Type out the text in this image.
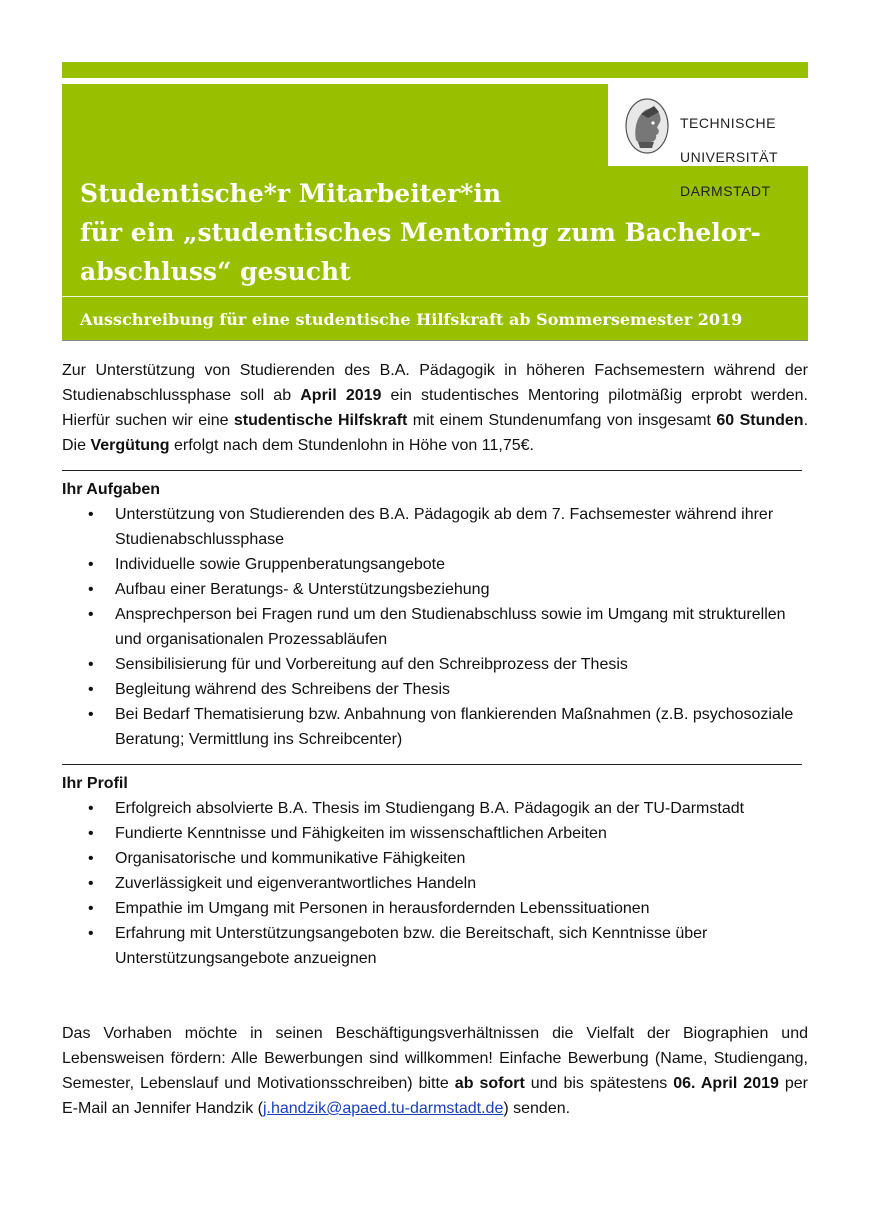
TECHNISCHE

UNIVERSITÄT

DARMSTADT

Studentische*r Mitarbeiter*in
für ein „studentisches Mentoring zum Bachelor-
abschluss“ gesucht
Ausschreibung für eine studentische Hilfskraft ab Sommersemester 2019

Zur Unterstützung von Studierenden des B.A. Pädagogik in höheren Fachsemestern während der Studienabschlussphase soll ab April 2019 ein studentisches Mentoring pilotmäßig erprobt werden. Hierfür suchen wir eine studentische Hilfskraft mit einem Stundenumfang von insgesamt 60 Stunden. Die Vergütung erfolgt nach dem Stundenlohn in Höhe von 11,75€.

Ihr Aufgaben

• Unterstützung von Studierenden des B.A. Pädagogik ab dem 7. Fachsemester während ihrer Studienabschlussphase
• Individuelle sowie Gruppenberatungsangebote
• Aufbau einer Beratungs- & Unterstützungsbeziehung
• Ansprechperson bei Fragen rund um den Studienabschluss sowie im Umgang mit strukturellen und organisationalen Prozessabläufen
• Sensibilisierung für und Vorbereitung auf den Schreibprozess der Thesis
• Begleitung während des Schreibens der Thesis
• Bei Bedarf Thematisierung bzw. Anbahnung von flankierenden Maßnahmen (z.B. psychosoziale Beratung; Vermittlung ins Schreibcenter)

Ihr Profil

• Erfolgreich absolvierte B.A. Thesis im Studiengang B.A. Pädagogik an der TU-Darmstadt
• Fundierte Kenntnisse und Fähigkeiten im wissenschaftlichen Arbeiten
• Organisatorische und kommunikative Fähigkeiten
• Zuverlässigkeit und eigenverantwortliches Handeln
• Empathie im Umgang mit Personen in herausfordernden Lebenssituationen
• Erfahrung mit Unterstützungsangeboten bzw. die Bereitschaft, sich Kenntnisse über Unterstützungsangebote anzueignen

Das Vorhaben möchte in seinen Beschäftigungsverhältnissen die Vielfalt der Biographien und Lebensweisen fördern: Alle Bewerbungen sind willkommen! Einfache Bewerbung (Name, Studiengang, Semester, Lebenslauf und Motivationsschreiben) bitte ab sofort und bis spätestens 06. April 2019 per E-Mail an Jennifer Handzik (j.handzik@apaed.tu-darmstadt.de) senden.
